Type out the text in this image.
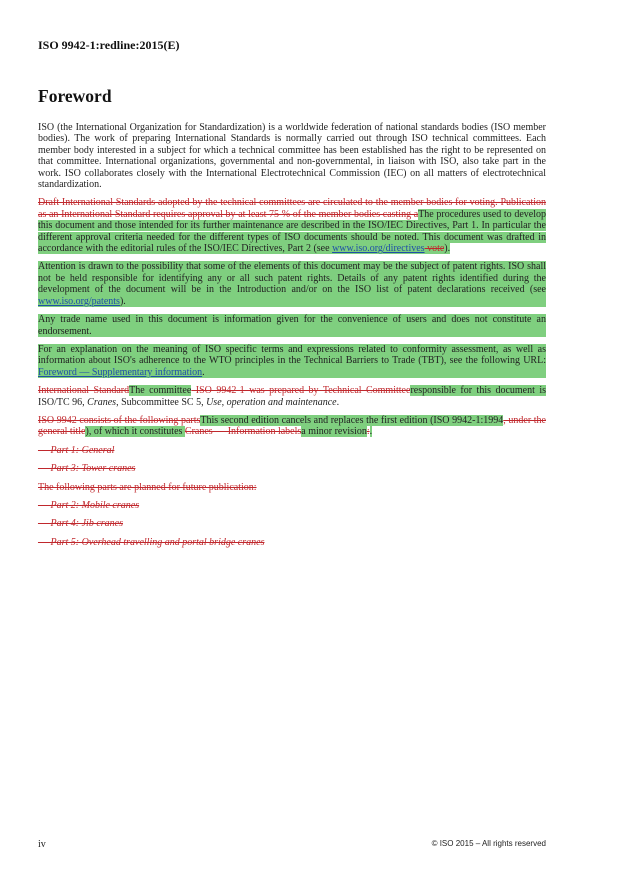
ISO 9942-1:redline:2015(E)
Foreword

ISO (the International Organization for Standardization) is a worldwide federation of national standards bodies (ISO member bodies). The work of preparing International Standards is normally carried out through ISO technical committees. Each member body interested in a subject for which a technical committee has been established has the right to be represented on that committee. International organizations, governmental and non-governmental, in liaison with ISO, also take part in the work. ISO collaborates closely with the International Electrotechnical Commission (IEC) on all matters of electrotechnical standardization.

Draft International Standards adopted by the technical committees are circulated to the member bodies for voting. Publication as an International Standard requires approval by at least 75 % of the member bodies casting aThe procedures used to develop this document and those intended for its further maintenance are described in the ISO/IEC Directives, Part 1. In particular the different approval criteria needed for the different types of ISO documents should be noted. This document was drafted in accordance with the editorial rules of the ISO/IEC Directives, Part 2 (see www.iso.org/directives vote).

Attention is drawn to the possibility that some of the elements of this document may be the subject of patent rights. ISO shall not be held responsible for identifying any or all such patent rights. Details of any patent rights identified during the development of the document will be in the Introduction and/or on the ISO list of patent declarations received (see www.iso.org/patents).

Any trade name used in this document is information given for the convenience of users and does not constitute an endorsement.

For an explanation on the meaning of ISO specific terms and expressions related to conformity assessment, as well as information about ISO's adherence to the WTO principles in the Technical Barriers to Trade (TBT), see the following URL: Foreword — Supplementary information.

International StandardThe committee ISO 9942-1 was prepared by Technical Committeeresponsible for this document is ISO/TC 96, Cranes, Subcommittee SC 5, Use, operation and maintenance.

ISO 9942 consists of the following partsThis second edition cancels and replaces the first edition (ISO 9942-1:1994, under the general title), of which it constitutes Cranes — Information labelsa minor revision:.

— Part 1: General

— Part 3: Tower cranes

The following parts are planned for future publication:

— Part 2: Mobile cranes

— Part 4: Jib cranes

— Part 5: Overhead travelling and portal bridge cranes

iv	© ISO 2015 – All rights reserved
